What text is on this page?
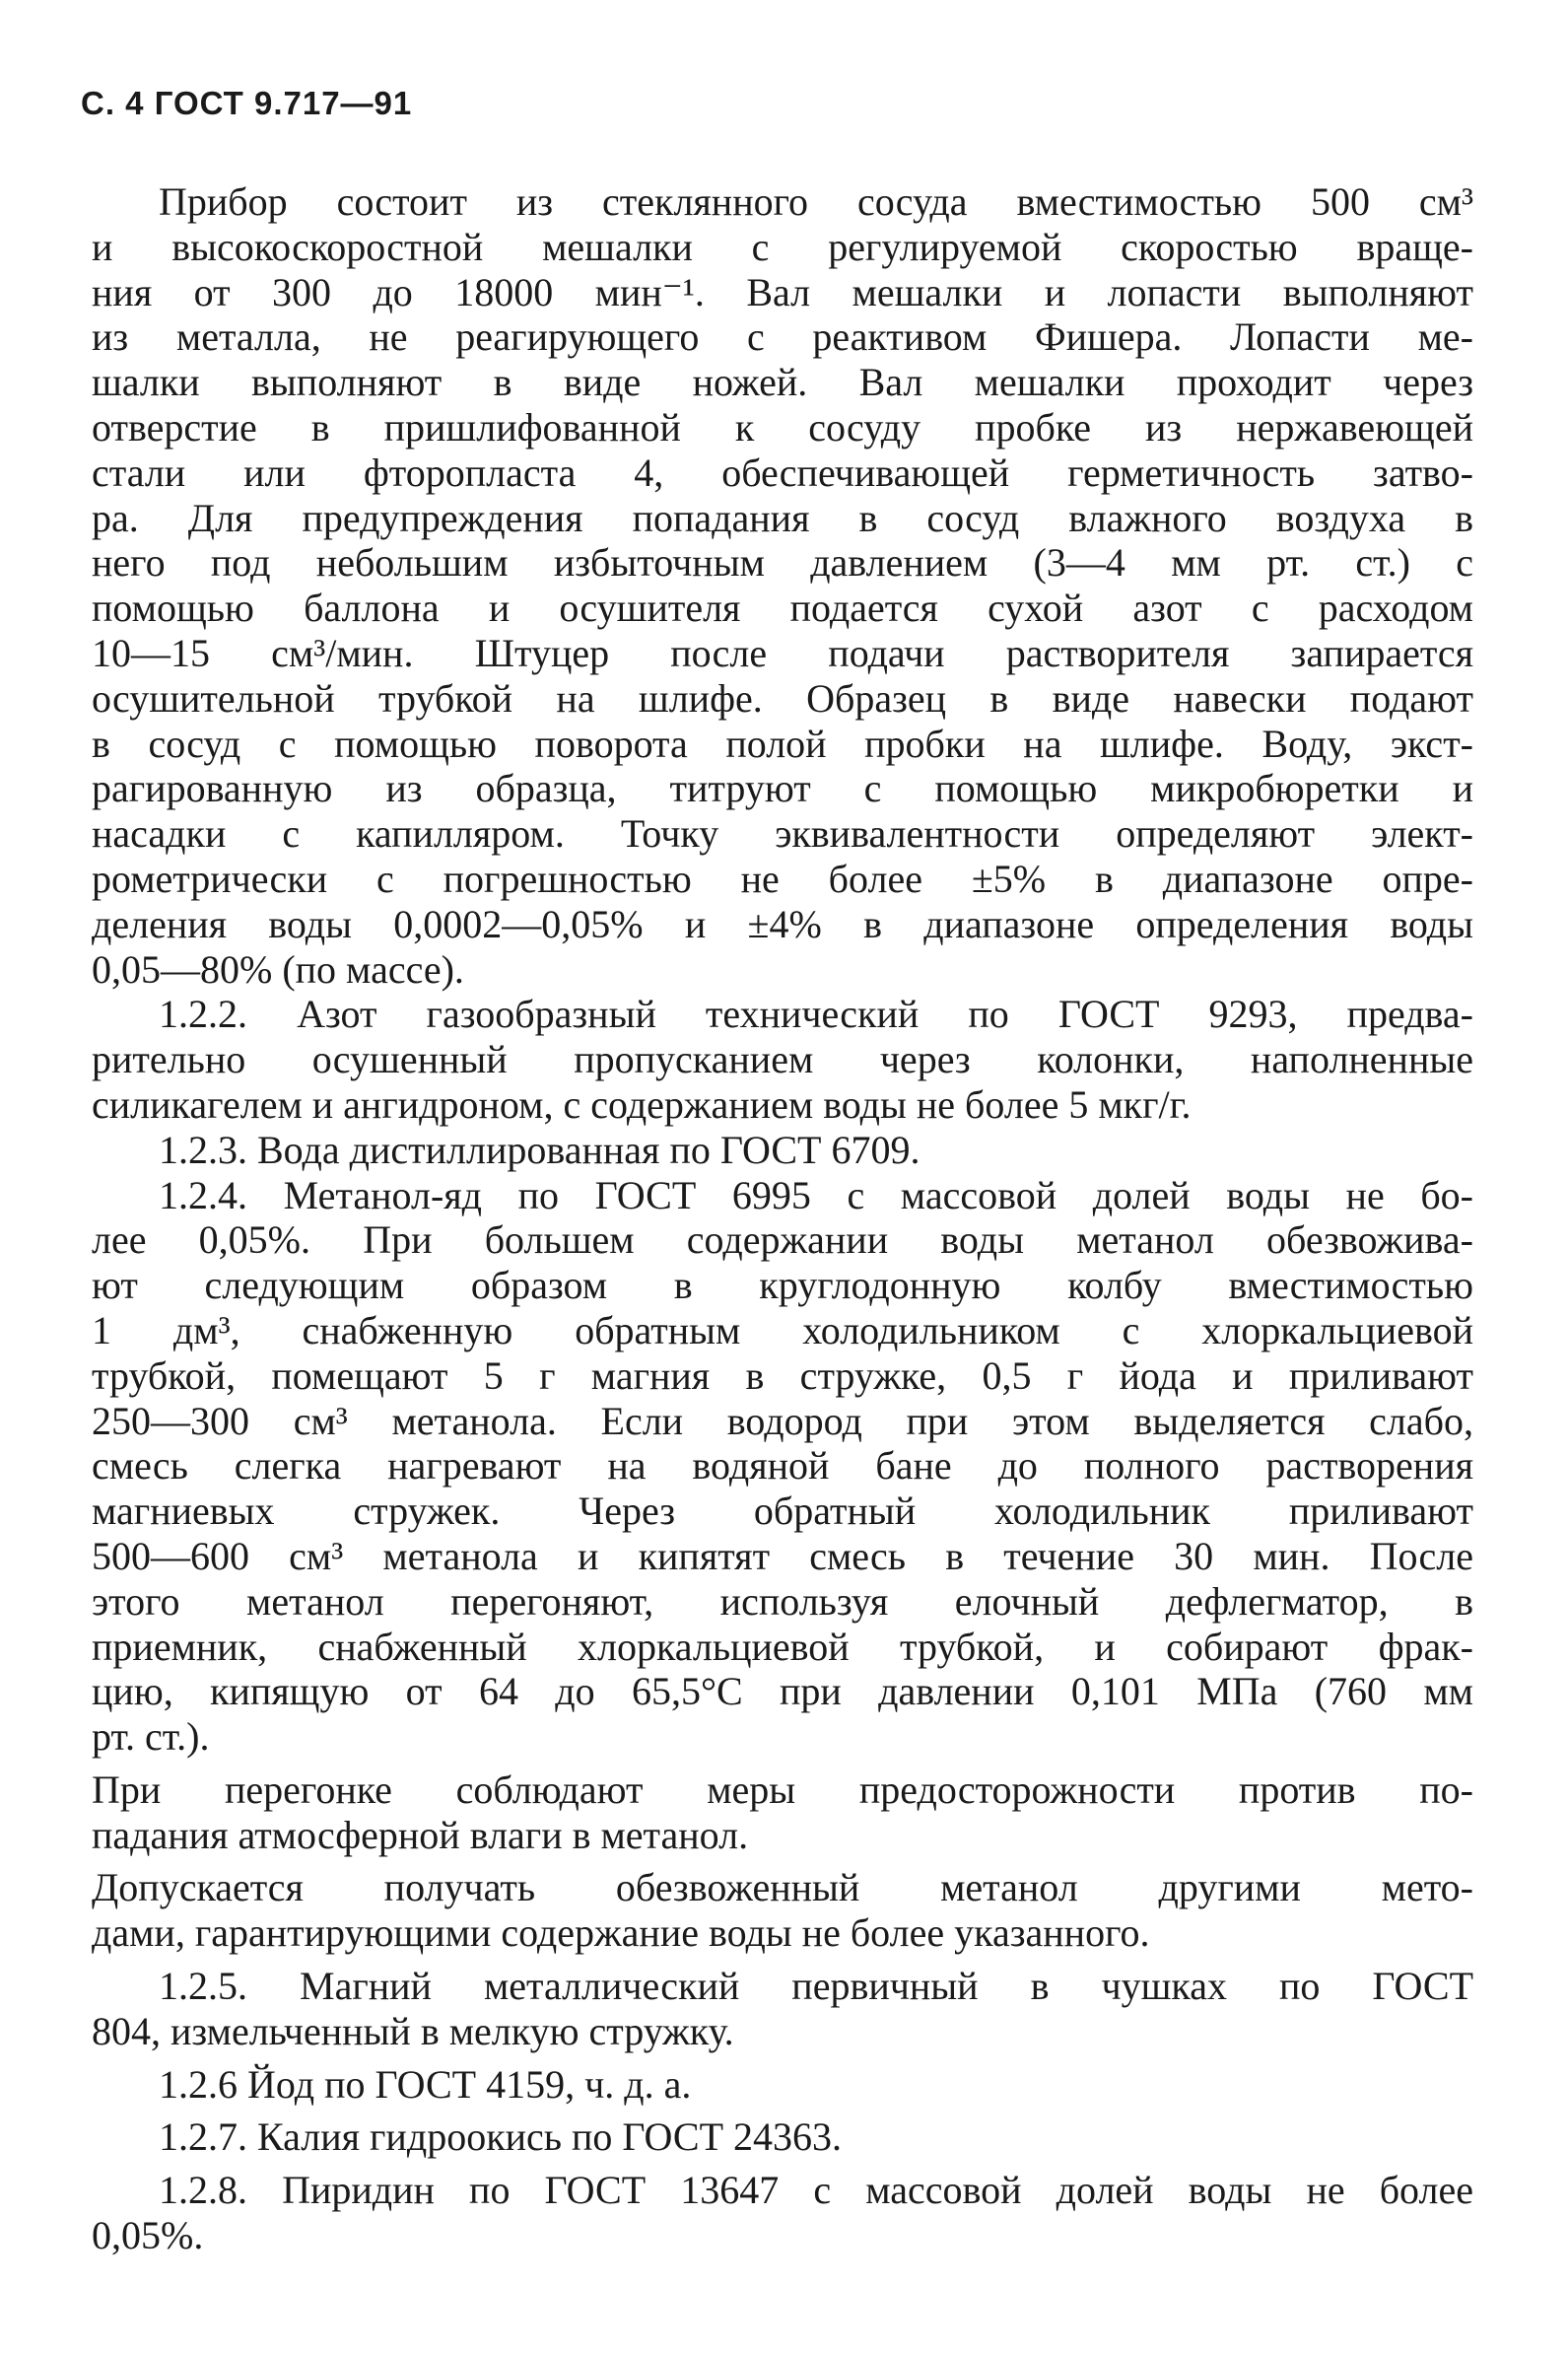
С. 4 ГОСТ 9.717—91
Прибор состоит из стеклянного сосуда вместимостью 500 см³
и высокоскоростной мешалки с регулируемой скоростью враще-
ния от 300 до 18000 мин⁻¹. Вал мешалки и лопасти выполняют
из металла, не реагирующего с реактивом Фишера. Лопасти ме-
шалки выполняют в виде ножей. Вал мешалки проходит через
отверстие в пришлифованной к сосуду пробке из нержавеющей
стали или фторопласта 4, обеспечивающей герметичность затво-
ра. Для предупреждения попадания в сосуд влажного воздуха в
него под небольшим избыточным давлением (3—4 мм рт. ст.) с
помощью баллона и осушителя подается сухой азот с расходом
10—15 см³/мин. Штуцер после подачи растворителя запирается
осушительной трубкой на шлифе. Образец в виде навески подают
в сосуд с помощью поворота полой пробки на шлифе. Воду, экст-
рагированную из образца, титруют с помощью микробюретки и
насадки с капилляром. Точку эквивалентности определяют элект-
рометрически с погрешностью не более ±5% в диапазоне опре-
деления воды 0,0002—0,05% и ±4% в диапазоне определения воды
0,05—80% (по массе).
1.2.2. Азот газообразный технический по ГОСТ 9293, предва-
рительно осушенный пропусканием через колонки, наполненные
силикагелем и ангидроном, с содержанием воды не более 5 мкг/г.
1.2.3. Вода дистиллированная по ГОСТ 6709.
1.2.4. Метанол-яд по ГОСТ 6995 с массовой долей воды не бо-
лее 0,05%. При большем содержании воды метанол обезвожива-
ют следующим образом в круглодонную колбу вместимостью
1 дм³, снабженную обратным холодильником с хлоркальциевой
трубкой, помещают 5 г магния в стружке, 0,5 г йода и приливают
250—300 см³ метанола. Если водород при этом выделяется слабо,
смесь слегка нагревают на водяной бане до полного растворения
магниевых стружек. Через обратный холодильник приливают
500—600 см³ метанола и кипятят смесь в течение 30 мин. После
этого метанол перегоняют, используя елочный дефлегматор, в
приемник, снабженный хлоркальциевой трубкой, и собирают фрак-
цию, кипящую от 64 до 65,5°С при давлении 0,101 МПа (760 мм
рт. ст.).
При перегонке соблюдают меры предосторожности против по-
падания атмосферной влаги в метанол.
Допускается получать обезвоженный метанол другими мето-
дами, гарантирующими содержание воды не более указанного.
1.2.5. Магний металлический первичный в чушках по ГОСТ
804, измельченный в мелкую стружку.
1.2.6 Йод по ГОСТ 4159, ч. д. а.
1.2.7. Калия гидроокись по ГОСТ 24363.
1.2.8. Пиридин по ГОСТ 13647 с массовой долей воды не более
0,05%.
